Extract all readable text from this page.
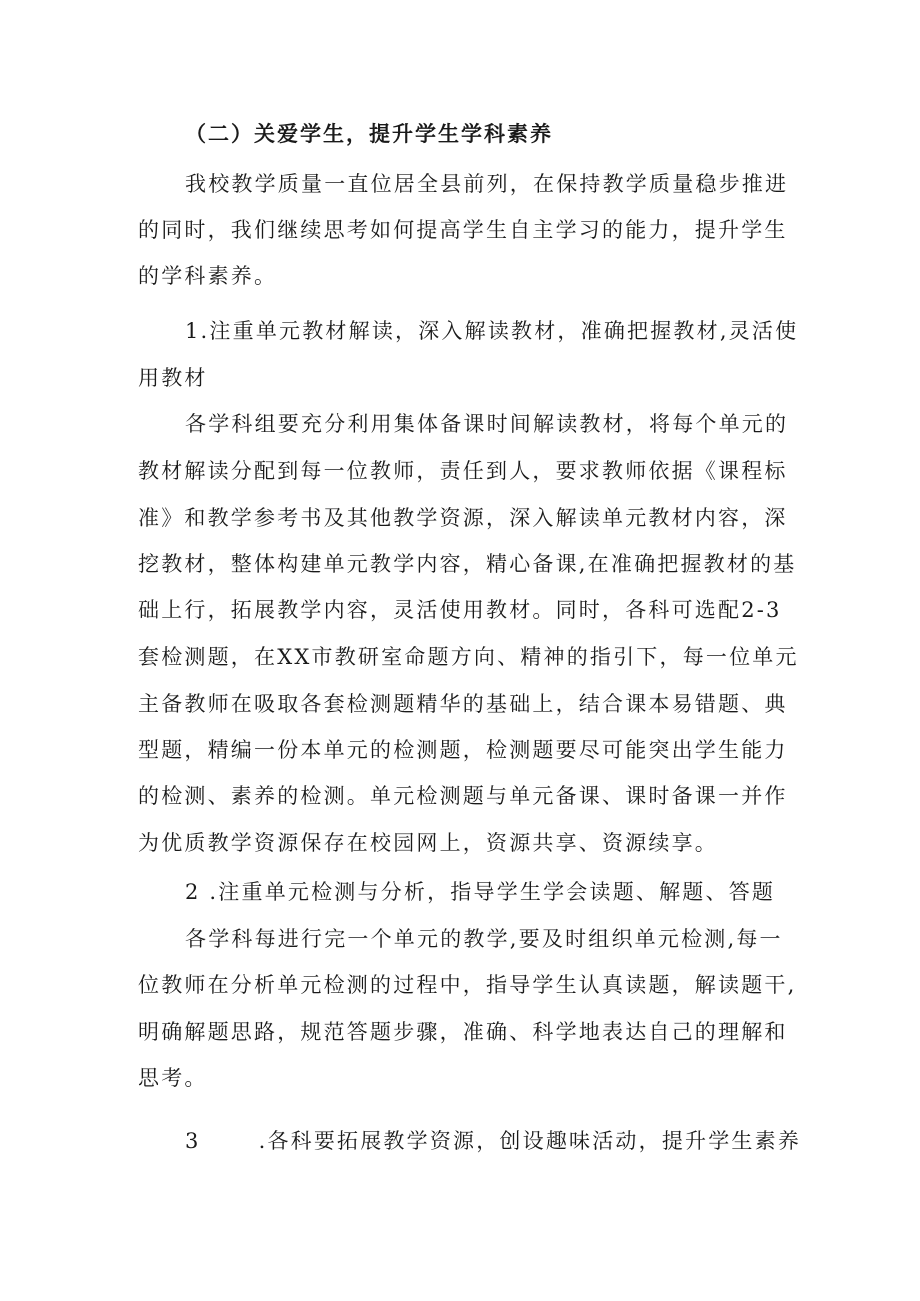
（二）关爱学生，提升学生学科素养
我校教学质量一直位居全县前列，在保持教学质量稳步推进
的同时，我们继续思考如何提高学生自主学习的能力，提升学生
的学科素养。
1.注重单元教材解读，深入解读教材，准确把握教材,灵活使
用教材
各学科组要充分利用集体备课时间解读教材，将每个单元的
教材解读分配到每一位教师，责任到人，要求教师依据《课程标
准》和教学参考书及其他教学资源，深入解读单元教材内容，深
挖教材，整体构建单元教学内容，精心备课,在准确把握教材的基
础上行，拓展教学内容，灵活使用教材。同时，各科可选配2-3
套检测题，在XX市教研室命题方向、精神的指引下，每一位单元
主备教师在吸取各套检测题精华的基础上，结合课本易错题、典
型题，精编一份本单元的检测题，检测题要尽可能突出学生能力
的检测、素养的检测。单元检测题与单元备课、课时备课一并作
为优质教学资源保存在校园网上，资源共享、资源续享。
2 .注重单元检测与分析，指导学生学会读题、解题、答题
各学科每进行完一个单元的教学,要及时组织单元检测,每一
位教师在分析单元检测的过程中，指导学生认真读题，解读题干,
明确解题思路，规范答题步骤，准确、科学地表达自己的理解和
思考。
3	.各科要拓展教学资源，创设趣味活动，提升学生素养
